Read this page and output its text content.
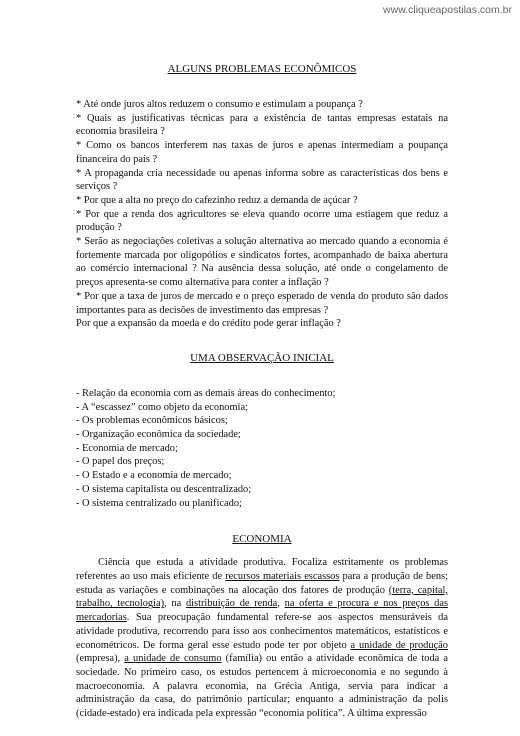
www.cliqueapostilas.com.br

ALGUNS PROBLEMAS ECONÔMICOS

* Até onde juros altos reduzem o consumo e estimulam a poupança ?

* Quais as justificativas técnicas para a existência de tantas empresas estatais na economia brasileira ?

* Como os bancos interferem nas taxas de juros e apenas intermediam a poupança financeira do país ?

* A propaganda cria necessidade ou apenas informa sobre as características dos bens e serviços ?

* Por que a alta no preço do cafezinho reduz a demanda de açúcar ?

* Por que a renda dos agricultores se eleva quando ocorre uma estiagem que reduz a produção ?

* Serão as negociações coletivas a solução alternativa ao mercado quando a economia é fortemente marcada por oligopólios e sindicatos fortes, acompanhado de baixa abertura ao comércio internacional ? Na ausência dessa solução, até onde o congelamento de preços apresenta-se como alternativa para conter a inflação ?

* Por que a taxa de juros de mercado e o preço esperado de venda do produto são dados importantes para as decisões de investimento das empresas ?

Por que a expansão da moeda e do crédito pode gerar inflação ?

UMA OBSERVAÇÃO INICIAL

- Relação da economia com as demais áreas do conhecimento;
- A “escassez” como objeto da economia;
- Os problemas econômicos básicos;
- Organização econômica da sociedade;
- Economia de mercado;
- O papel dos preços;
- O Estado e a economia de mercado;
- O sistema capitalista ou descentralizado;
- O sistema centralizado ou planificado;

ECONOMIA

Ciência que estuda a atividade produtiva. Focaliza estritamente os problemas referentes ao uso mais eficiente de recursos materiais escassos para a produção de bens; estuda as variações e combinações na alocação dos fatores de produção (terra, capital, trabalho, tecnologia), na distribuição de renda, na oferta e procura e nos preços das mercadorias. Sua preocupação fundamental refere-se aos aspectos mensuráveis da atividade produtiva, recorrendo para isso aos conhecimentos matemáticos, estatísticos e econométricos. De forma geral esse estudo pode ter por objeto a unidade de produção (empresa), a unidade de consumo (família) ou então a atividade econômica de toda a sociedade. No primeiro caso, os estudos pertencem à microeconomia e no segundo à macroeconomia. A palavra economia, na Grécia Antiga, servia para indicar a administração da casa, do patrimônio particular; enquanto a administração da polis (cidade-estado) era indicada pela expressão “economia política”. A última expressão
